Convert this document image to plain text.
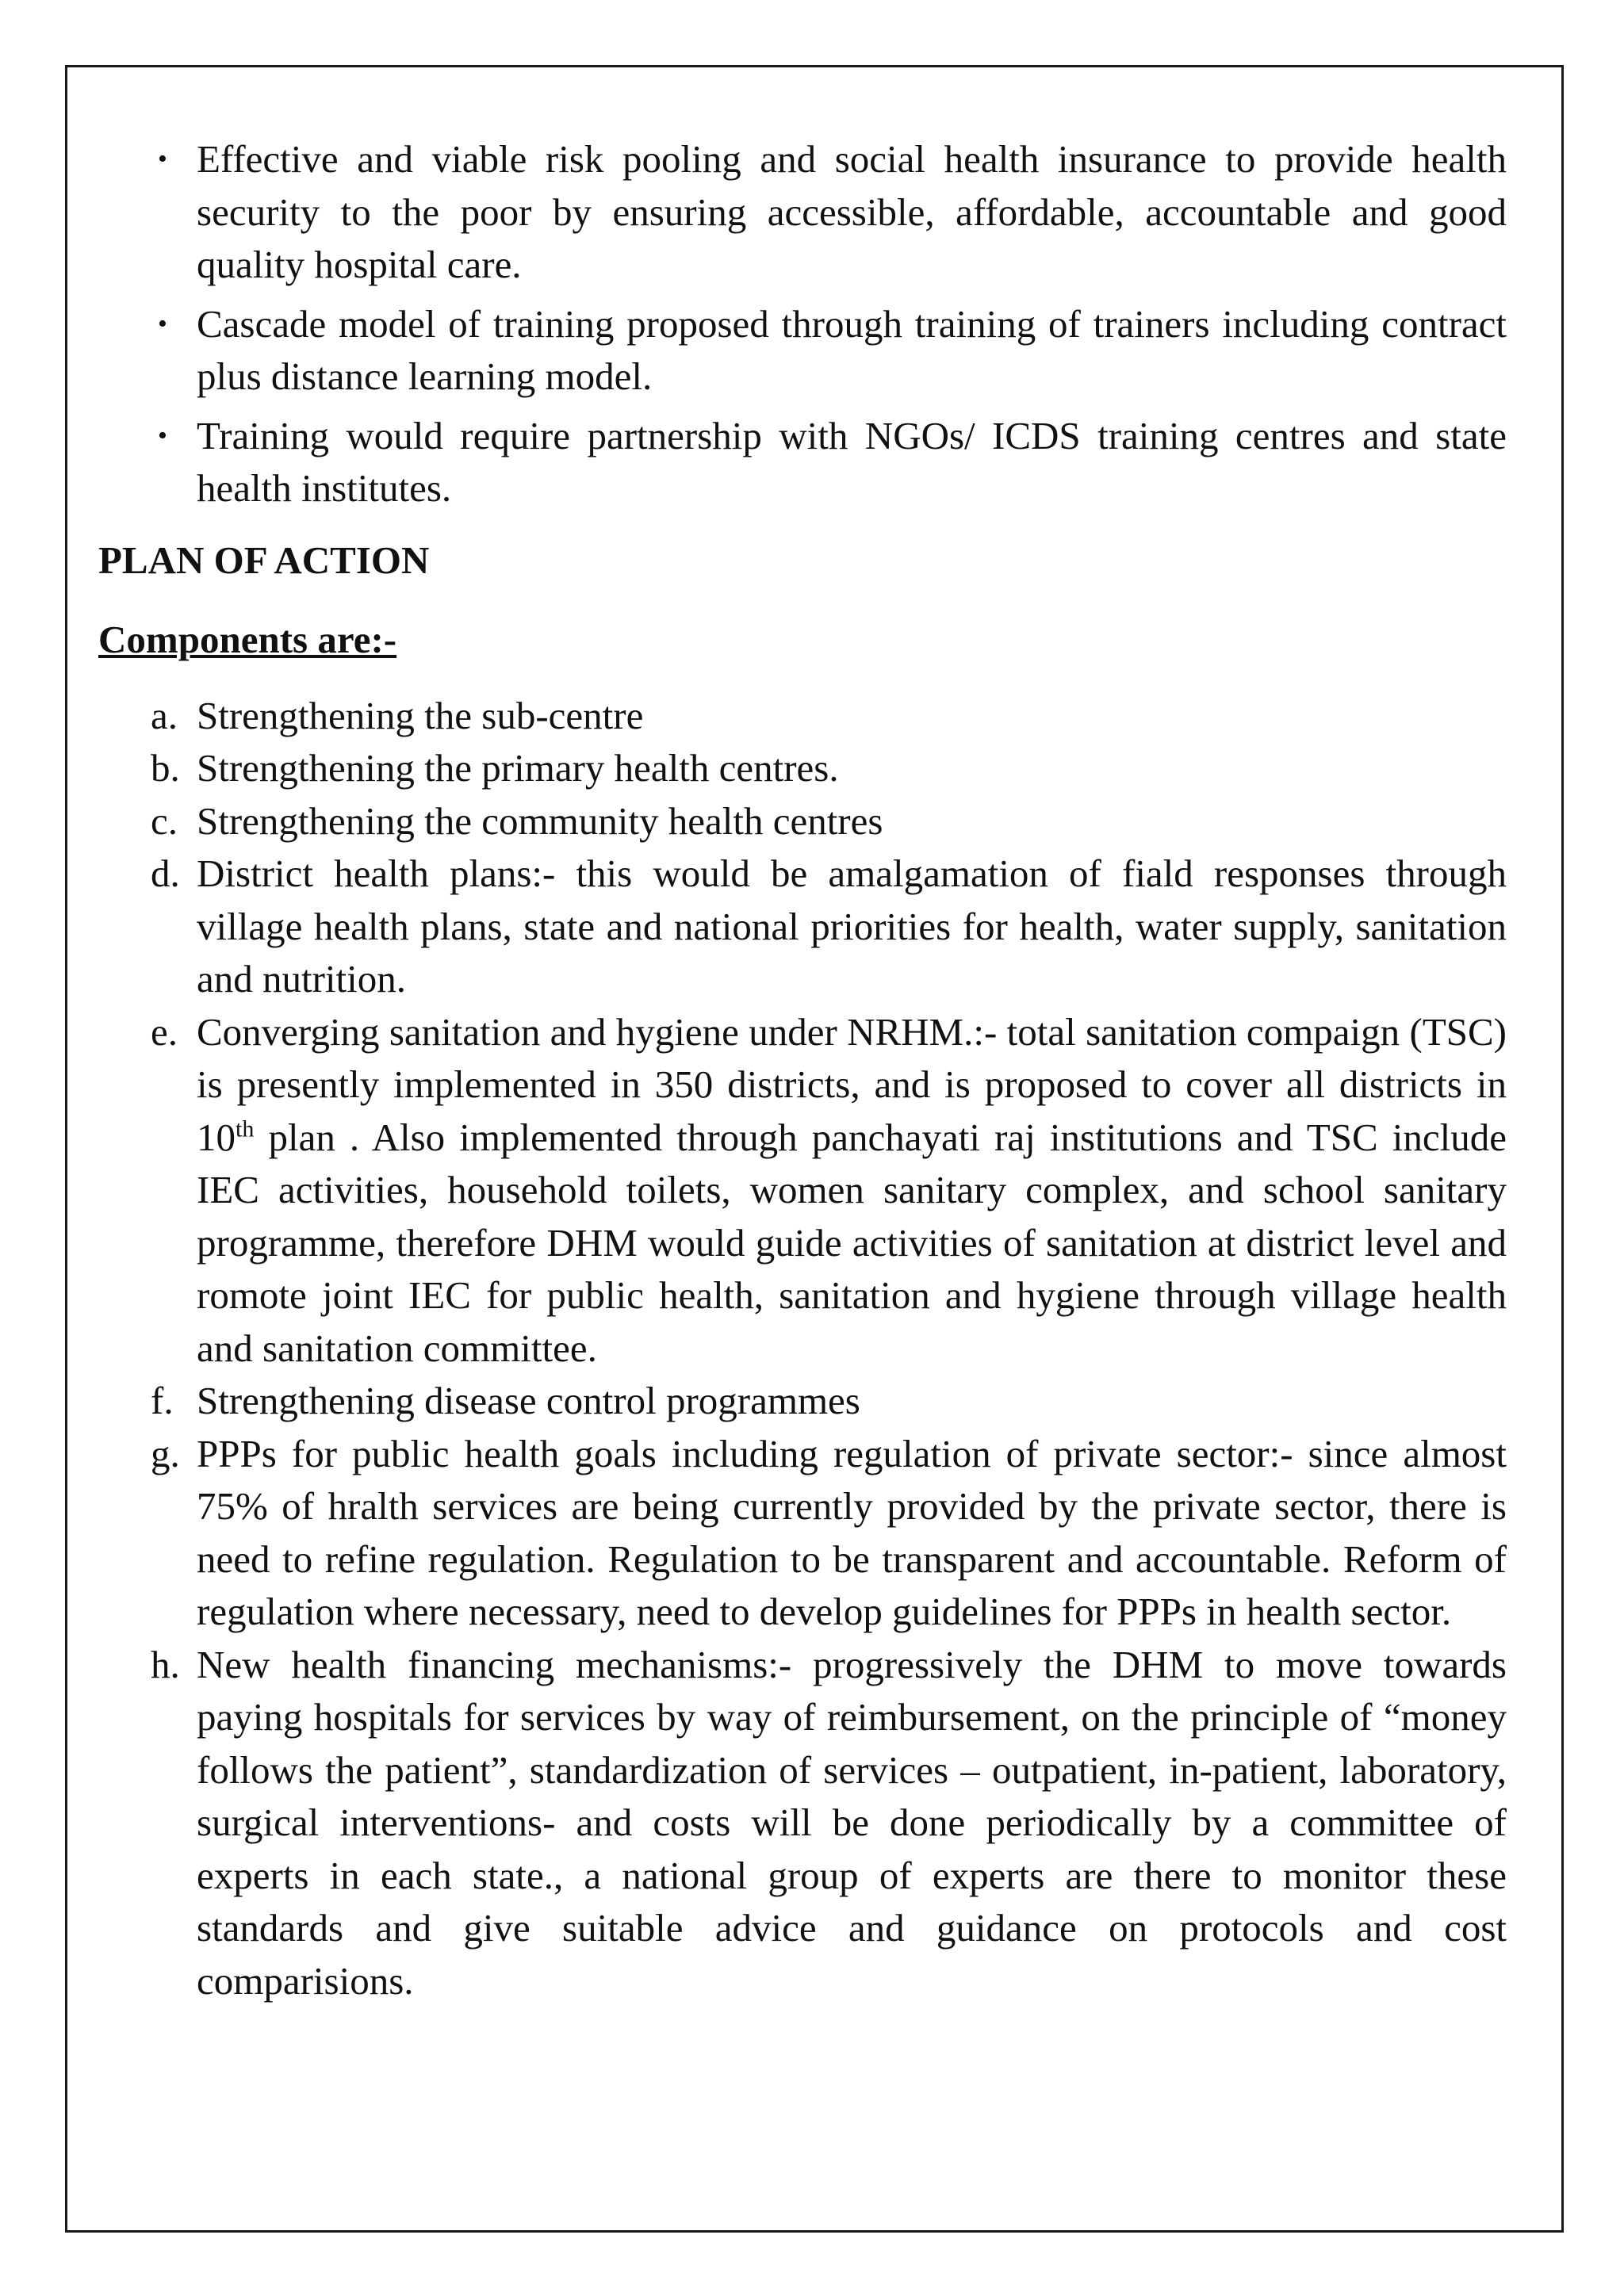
• Effective and viable risk pooling and social health insurance to provide health security to the poor by ensuring accessible, affordable, accountable and good quality hospital care.
• Cascade model of training proposed through training of trainers including contract plus distance learning model.
• Training would require partnership with NGOs/ ICDS training centres and state health institutes.
PLAN OF ACTION
Components are:-
a. Strengthening the sub-centre
b. Strengthening the primary health centres.
c. Strengthening the community health centres
d. District health plans:- this would be amalgamation of fiald responses through village health plans, state and national priorities for health, water supply, sanitation and nutrition.
e. Converging sanitation and hygiene under NRHM.:- total sanitation compaign (TSC) is presently implemented in 350 districts, and is proposed to cover all districts in 10th plan . Also implemented through panchayati raj institutions and TSC include IEC activities, household toilets, women sanitary complex, and school sanitary programme, therefore DHM would guide activities of sanitation at district level and romote joint IEC for public health, sanitation and hygiene through village health and sanitation committee.
f. Strengthening disease control programmes
g. PPPs for public health goals including regulation of private sector:- since almost 75% of hralth services are being currently provided by the private sector, there is need to refine regulation. Regulation to be transparent and accountable. Reform of regulation where necessary, need to develop guidelines for PPPs in health sector.
h. New health financing mechanisms:- progressively the DHM to move towards paying hospitals for services by way of reimbursement, on the principle of “money follows the patient”, standardization of services – outpatient, in-patient, laboratory, surgical interventions- and costs will be done periodically by a committee of experts in each state., a national group of experts are there to monitor these standards and give suitable advice and guidance on protocols and cost comparisions.
